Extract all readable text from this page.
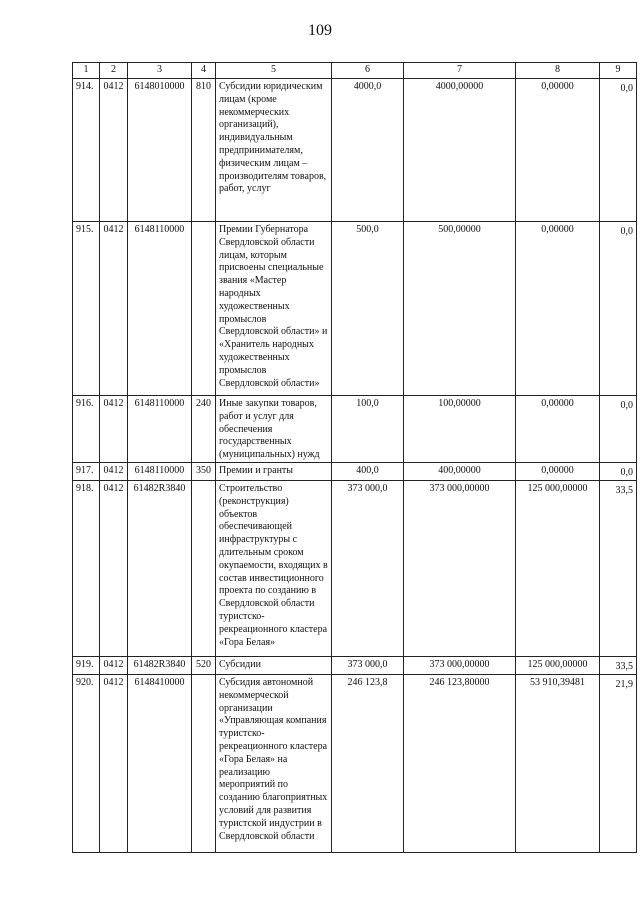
109
1	2	3	4	5	6	7	8	9
914.	0412	6148010000	810	Субсидии юридическим лицам (кроме некоммерческих организаций), индивидуальным предпринимателям, физическим лицам – производителям товаров, работ, услуг	4000,0	4000,00000	0,00000	0,0
915.	0412	6148110000		Премии Губернатора Свердловской области лицам, которым присвоены специальные звания «Мастер народных художественных промыслов Свердловской области» и «Хранитель народных художественных промыслов Свердловской области»	500,0	500,00000	0,00000	0,0
916.	0412	6148110000	240	Иные закупки товаров, работ и услуг для обеспечения государственных (муниципальных) нужд	100,0	100,00000	0,00000	0,0
917.	0412	6148110000	350	Премии и гранты	400,0	400,00000	0,00000	0,0
918.	0412	61482R3840		Строительство (реконструкция) объектов обеспечивающей инфраструктуры с длительным сроком окупаемости, входящих в состав инвестиционного проекта по созданию в Свердловской области туристско-рекреационного кластера «Гора Белая»	373 000,0	373 000,00000	125 000,00000	33,5
919.	0412	61482R3840	520	Субсидии	373 000,0	373 000,00000	125 000,00000	33,5
920.	0412	6148410000		Субсидия автономной некоммерческой организации «Управляющая компания туристско-рекреационного кластера «Гора Белая» на реализацию мероприятий по созданию благоприятных условий для развития туристской индустрии в Свердловской области	246 123,8	246 123,80000	53 910,39481	21,9
